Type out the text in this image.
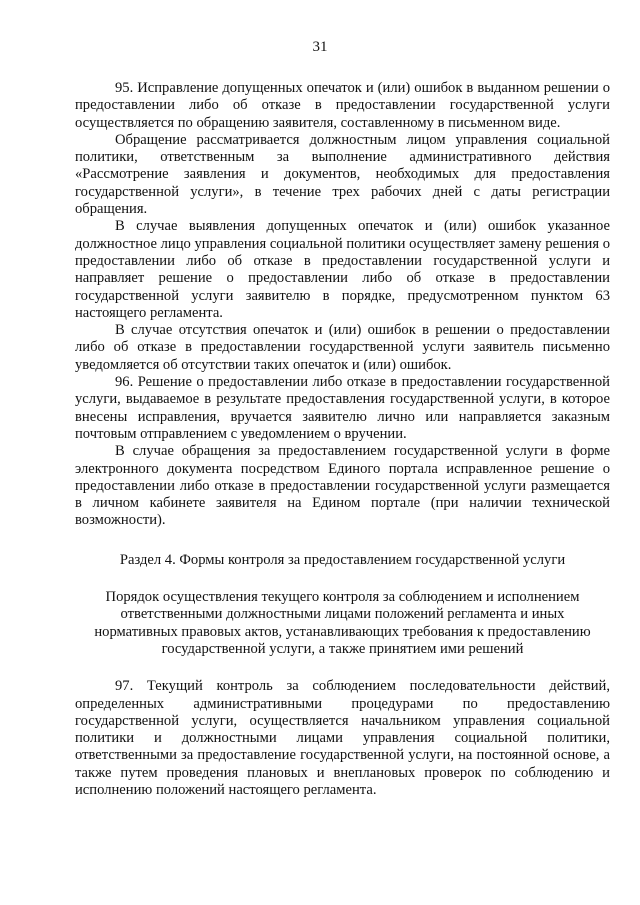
31

95. Исправление допущенных опечаток и (или) ошибок в выданном решении о предоставлении либо об отказе в предоставлении государственной услуги осуществляется по обращению заявителя, составленному в письменном виде.

Обращение рассматривается должностным лицом управления социальной политики, ответственным за выполнение административного действия «Рассмотрение заявления и документов, необходимых для предоставления государственной услуги», в течение трех рабочих дней с даты регистрации обращения.

В случае выявления допущенных опечаток и (или) ошибок указанное должностное лицо управления социальной политики осуществляет замену решения о предоставлении либо об отказе в предоставлении государственной услуги и направляет решение о предоставлении либо об отказе в предоставлении государственной услуги заявителю в порядке, предусмотренном пунктом 63 настоящего регламента.

В случае отсутствия опечаток и (или) ошибок в решении о предоставлении либо об отказе в предоставлении государственной услуги заявитель письменно уведомляется об отсутствии таких опечаток и (или) ошибок.

96. Решение о предоставлении либо отказе в предоставлении государственной услуги, выдаваемое в результате предоставления государственной услуги, в которое внесены исправления, вручается заявителю лично или направляется заказным почтовым отправлением с уведомлением о вручении.

В случае обращения за предоставлением государственной услуги в форме электронного документа посредством Единого портала исправленное решение о предоставлении либо отказе в предоставлении государственной услуги размещается в личном кабинете заявителя на Едином портале (при наличии технической возможности).

Раздел 4. Формы контроля за предоставлением государственной услуги

Порядок осуществления текущего контроля за соблюдением и исполнением ответственными должностными лицами положений регламента и иных нормативных правовых актов, устанавливающих требования к предоставлению государственной услуги, а также принятием ими решений

97. Текущий контроль за соблюдением последовательности действий, определенных административными процедурами по предоставлению государственной услуги, осуществляется начальником управления социальной политики и должностными лицами управления социальной политики, ответственными за предоставление государственной услуги, на постоянной основе, а также путем проведения плановых и внеплановых проверок по соблюдению и исполнению положений настоящего регламента.
